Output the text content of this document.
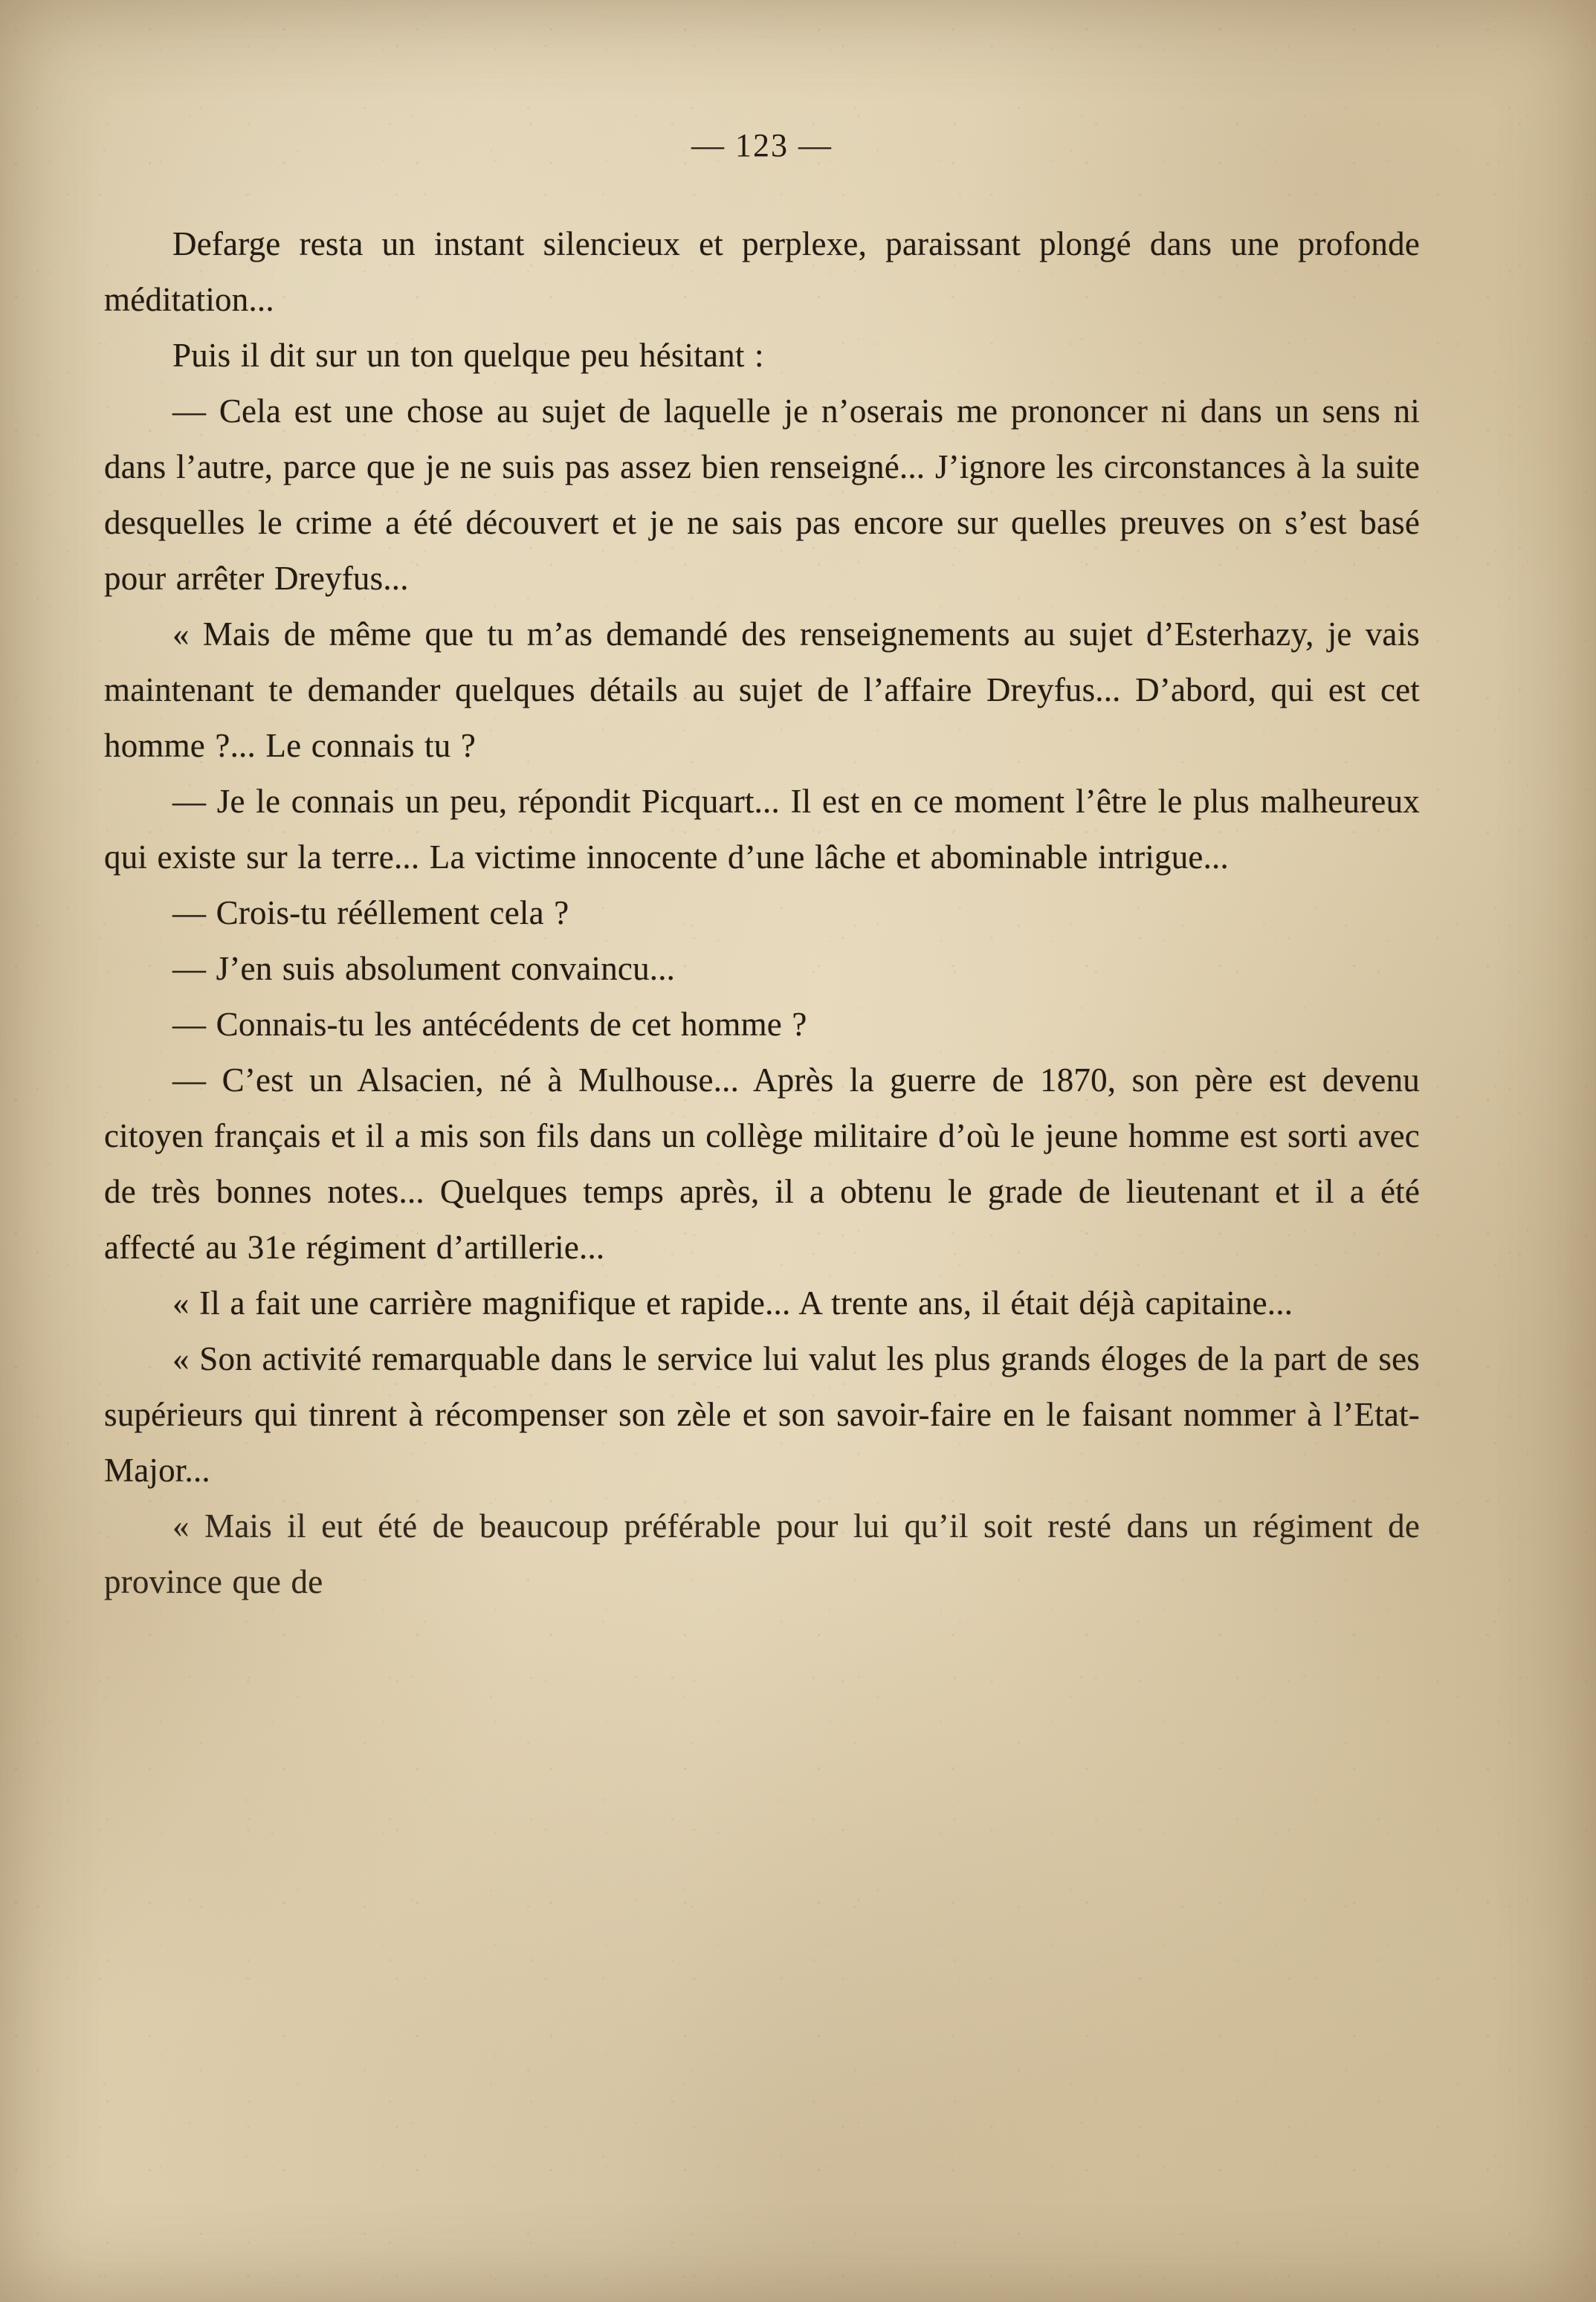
— 123 —

Defarge resta un instant silencieux et perplexe, paraissant plongé dans une profonde méditation...

Puis il dit sur un ton quelque peu hésitant :

— Cela est une chose au sujet de laquelle je n’oserais me prononcer ni dans un sens ni dans l’autre, parce que je ne suis pas assez bien renseigné... J’ignore les circonstances à la suite desquelles le crime a été découvert et je ne sais pas encore sur quelles preuves on s’est basé pour arrêter Dreyfus...

« Mais de même que tu m’as demandé des renseignements au sujet d’Esterhazy, je vais maintenant te demander quelques détails au sujet de l’affaire Dreyfus... D’abord, qui est cet homme ?... Le connais tu ?

— Je le connais un peu, répondit Picquart... Il est en ce moment l’être le plus malheureux qui existe sur la terre... La victime innocente d’une lâche et abominable intrigue...

— Crois-tu rééllement cela ?

— J’en suis absolument convaincu...

— Connais-tu les antécédents de cet homme ?

— C’est un Alsacien, né à Mulhouse... Après la guerre de 1870, son père est devenu citoyen français et il a mis son fils dans un collège militaire d’où le jeune homme est sorti avec de très bonnes notes... Quelques temps après, il a obtenu le grade de lieutenant et il a été affecté au 31e régiment d’artillerie...

« Il a fait une carrière magnifique et rapide... A trente ans, il était déjà capitaine...

« Son activité remarquable dans le service lui valut les plus grands éloges de la part de ses supérieurs qui tinrent à récompenser son zèle et son savoir-faire en le faisant nommer à l’Etat-Major...

« Mais il eut été de beaucoup préférable pour lui qu’il soit resté dans un régiment de province que de
